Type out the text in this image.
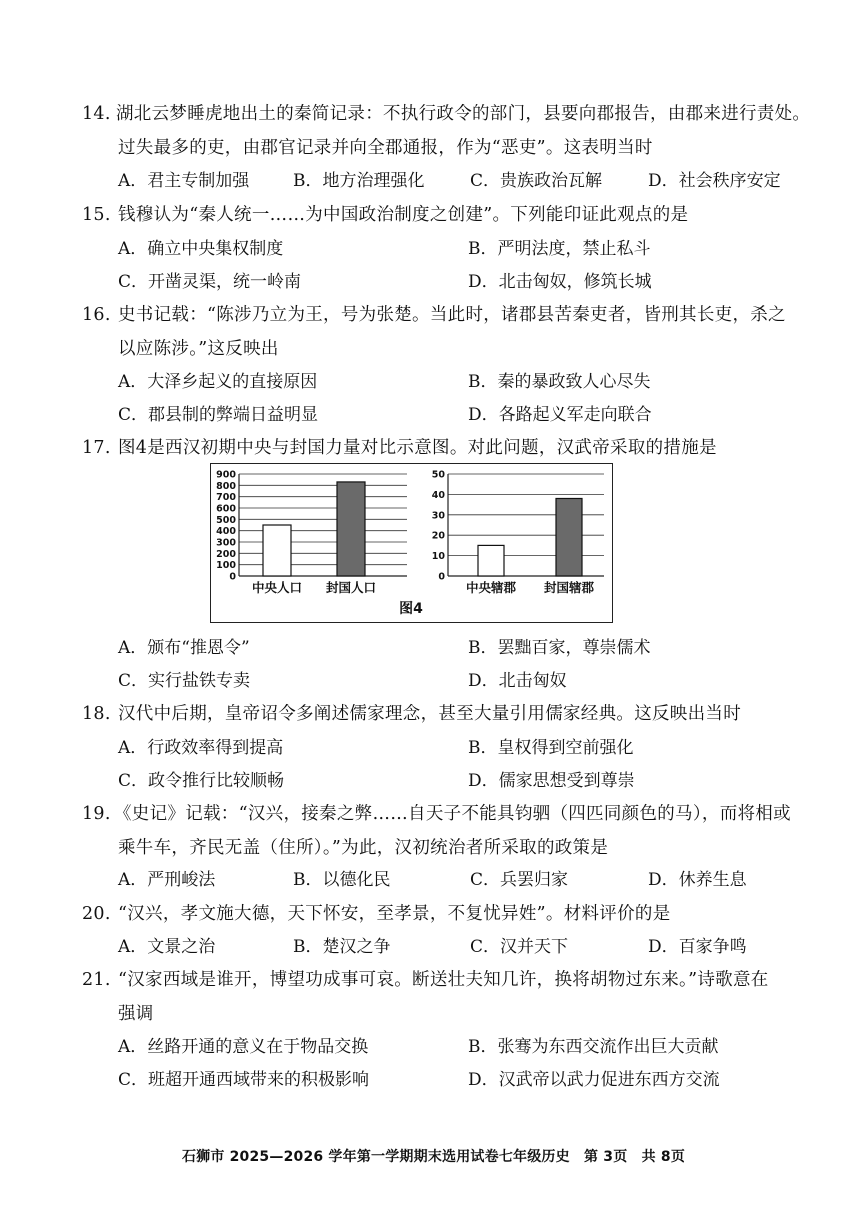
14. 湖北云梦睡虎地出土的秦简记录：不执行政令的部门，县要向郡报告，由郡来进行责处。
过失最多的吏，由郡官记录并向全郡通报，作为“恶吏”。这表明当时
A．君主专制加强	B．地方治理强化	C．贵族政治瓦解	D．社会秩序安定
15. 钱穆认为“秦人统一……为中国政治制度之创建”。下列能印证此观点的是
A．确立中央集权制度	B．严明法度，禁止私斗
C．开凿灵渠，统一岭南	D．北击匈奴，修筑长城
16. 史书记载：“陈涉乃立为王，号为张楚。当此时，诸郡县苦秦吏者，皆刑其长吏，杀之
以应陈涉。”这反映出
A．大泽乡起义的直接原因	B．秦的暴政致人心尽失
C．郡县制的弊端日益明显	D．各路起义军走向联合
17. 图4是西汉初期中央与封国力量对比示意图。对此问题，汉武帝采取的措施是
0
100
200
300
400
500
600
700
800
900
中央人口 封国人口
0
10
20
30
40
50
中央辖郡 封国辖郡
图4
A．颁布“推恩令”	B．罢黜百家，尊崇儒术
C．实行盐铁专卖	D．北击匈奴
18. 汉代中后期，皇帝诏令多阐述儒家理念，甚至大量引用儒家经典。这反映出当时
A．行政效率得到提高	B．皇权得到空前强化
C．政令推行比较顺畅	D．儒家思想受到尊崇
19. 《史记》记载：“汉兴，接秦之弊……自天子不能具钧驷（四匹同颜色的马），而将相或
乘牛车，齐民无盖（住所）。”为此，汉初统治者所采取的政策是
A．严刑峻法	B．以德化民	C．兵罢归家	D．休养生息
20. “汉兴，孝文施大德，天下怀安，至孝景，不复忧异姓”。材料评价的是
A．文景之治	B．楚汉之争	C．汉并天下	D．百家争鸣
21. “汉家西域是谁开，博望功成事可哀。断送壮夫知几许，换将胡物过东来。”诗歌意在
强调
A．丝路开通的意义在于物品交换	B．张骞为东西交流作出巨大贡献
C．班超开通西域带来的积极影响	D．汉武帝以武力促进东西方交流
石狮市 2025—2026 学年第一学期期末选用试卷七年级历史　第 3页　共 8页
